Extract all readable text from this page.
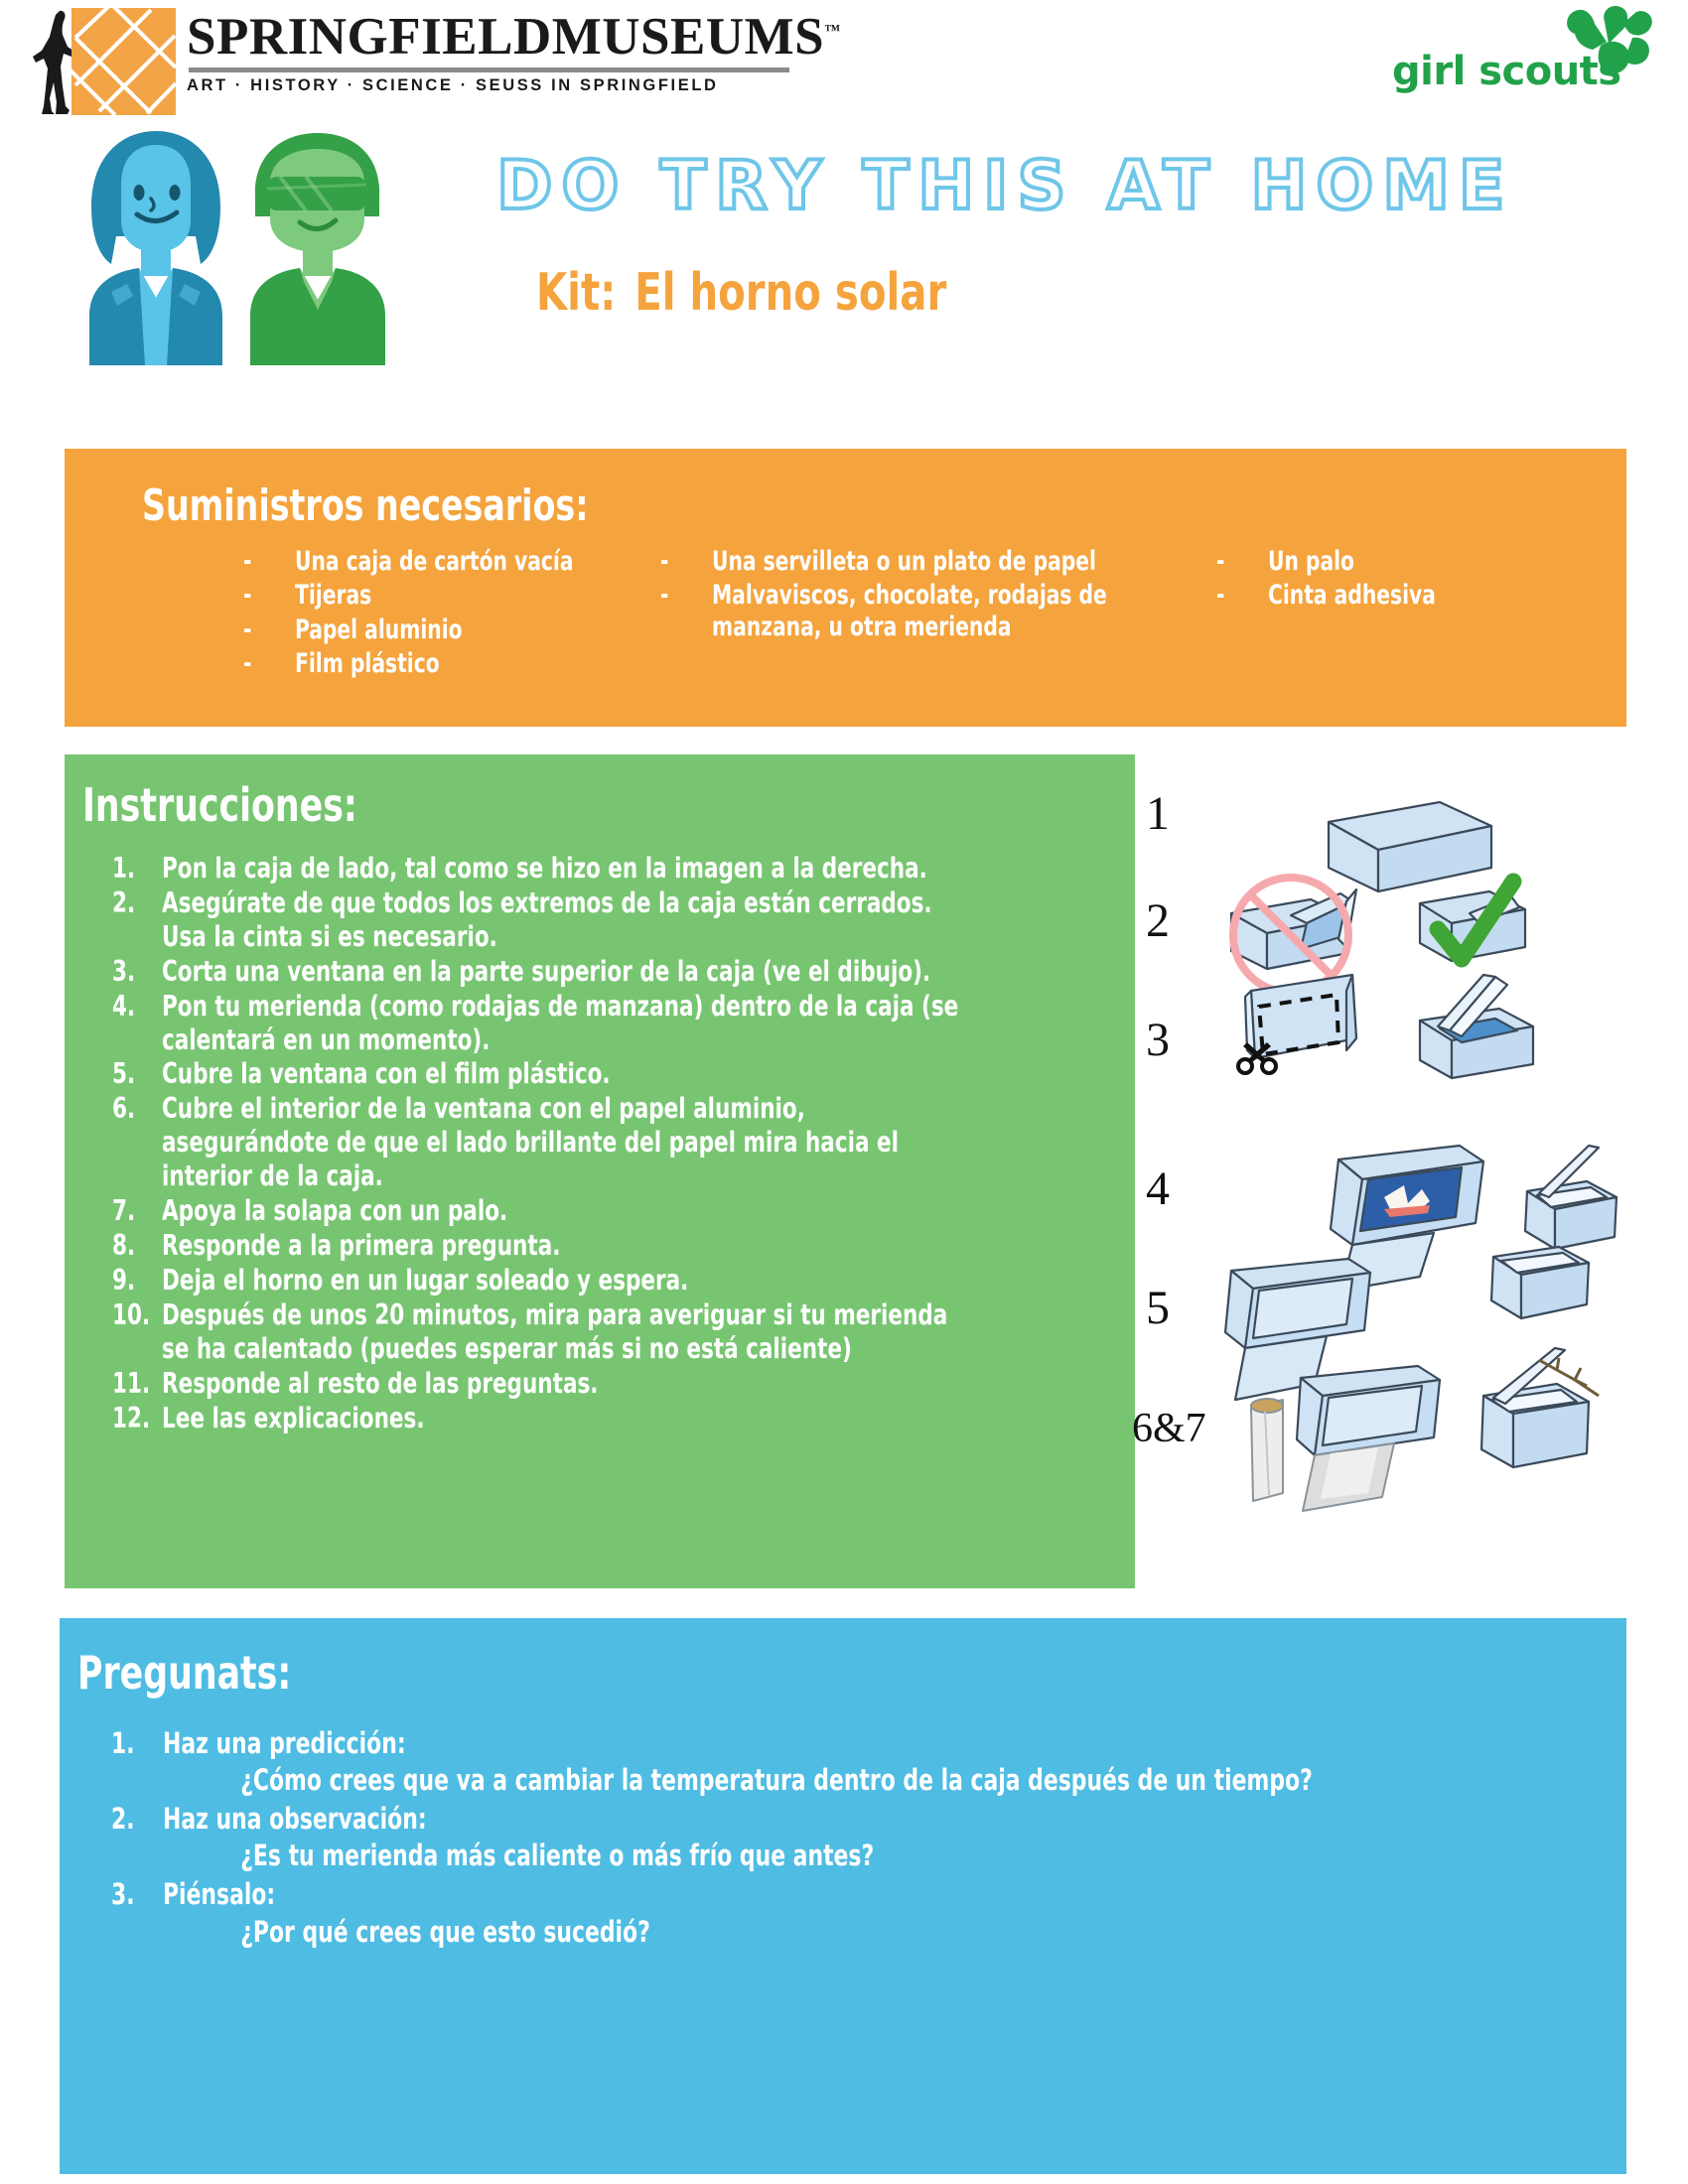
SPRINGFIELDMUSEUMS™
ART · HISTORY · SCIENCE · SEUSS IN SPRINGFIELD	girl scouts
DO TRY THIS AT HOME
Kit: El horno solar
Suministros necesarios:
-	Una caja de cartón vacía
-	Tijeras
-	Papel aluminio
-	Film plástico
-	Una servilleta o un plato de papel
-	Malvaviscos, chocolate, rodajas de manzana, u otra merienda
-	Un palo
-	Cinta adhesiva
Instrucciones:
1. Pon la caja de lado, tal como se hizo en la imagen a la derecha.
2. Asegúrate de que todos los extremos de la caja están cerrados. Usa la cinta si es necesario.
3. Corta una ventana en la parte superior de la caja (ve el dibujo).
4. Pon tu merienda (como rodajas de manzana) dentro de la caja (se calentará en un momento).
5. Cubre la ventana con el film plástico.
6. Cubre el interior de la ventana con el papel aluminio, asegurándote de que el lado brillante del papel mira hacia el interior de la caja.
7. Apoya la solapa con un palo.
8. Responde a la primera pregunta.
9. Deja el horno en un lugar soleado y espera.
10. Después de unos 20 minutos, mira para averiguar si tu merienda se ha calentado (puedes esperar más si no está caliente)
11. Responde al resto de las preguntas.
12. Lee las explicaciones.
1
2
3
4
5
6&7
Pregunats:
1. Haz una predicción:
¿Cómo crees que va a cambiar la temperatura dentro de la caja después de un tiempo?
2. Haz una observación:
¿Es tu merienda más caliente o más frío que antes?
3. Piénsalo:
¿Por qué crees que esto sucedió?
